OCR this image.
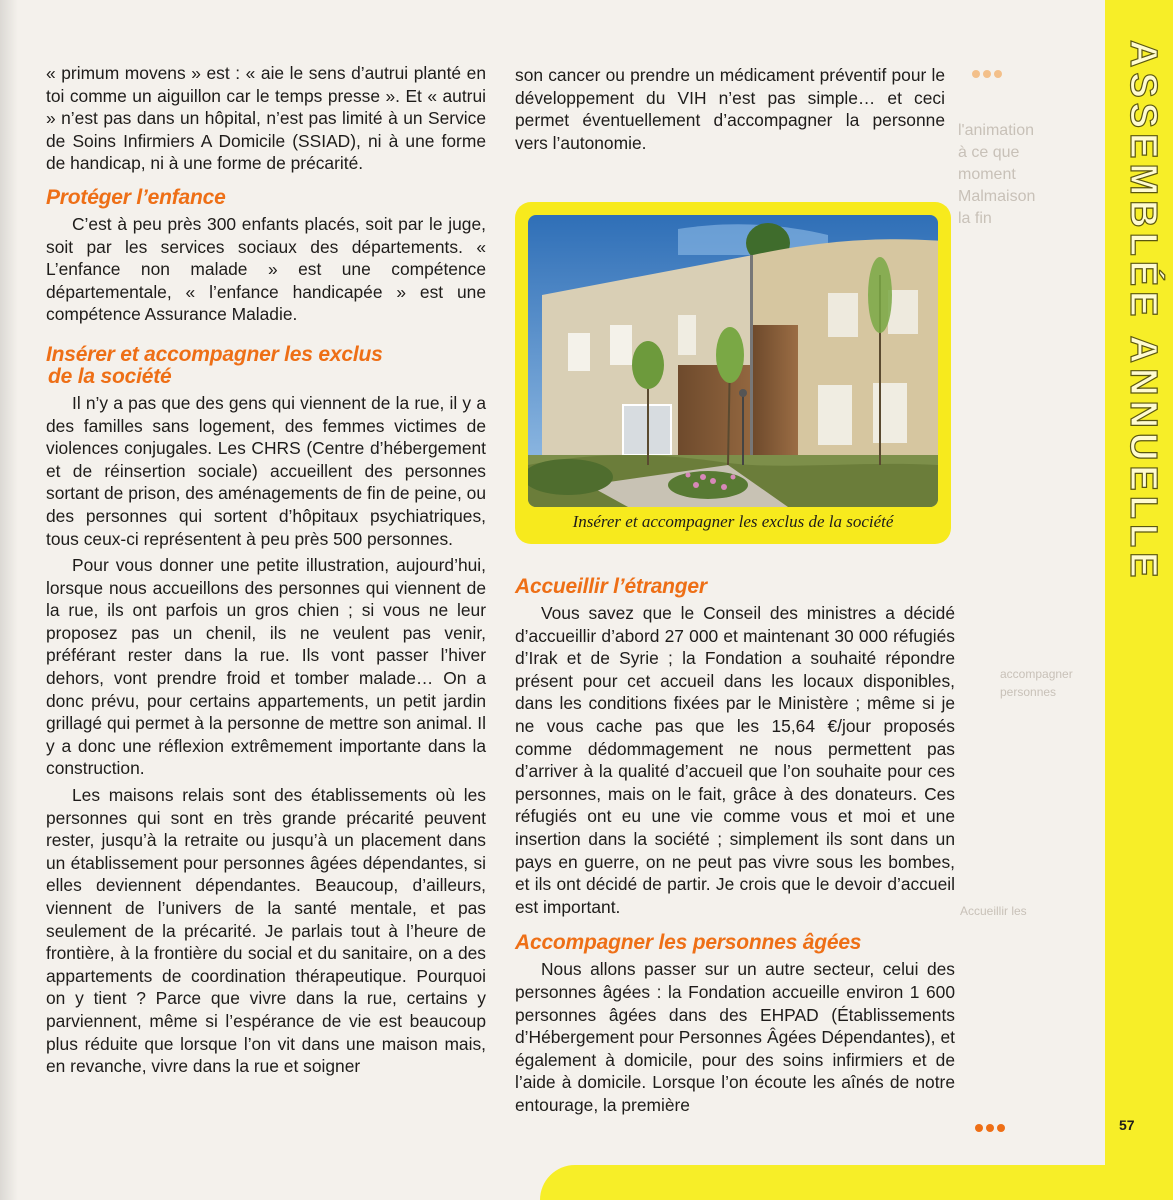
« primum movens » est : « aie le sens d’autrui planté en toi comme un aiguillon car le temps presse ». Et « autrui » n’est pas dans un hôpital, n’est pas limité à un Service de Soins Infirmiers A Domicile (SSIAD), ni à une forme de handicap, ni à une forme de précarité.

Protéger l’enfance

C’est à peu près 300 enfants placés, soit par le juge, soit par les services sociaux des départements. « L’enfance non malade » est une compétence départementale, « l’enfance handicapée » est une compétence Assurance Maladie.

Insérer et accompagner les exclus
de la société

Il n’y a pas que des gens qui viennent de la rue, il y a des familles sans logement, des femmes victimes de violences conjugales. Les CHRS (Centre d’hébergement et de réinsertion sociale) accueillent des personnes sortant de prison, des aménagements de fin de peine, ou des personnes qui sortent d’hôpitaux psychiatriques, tous ceux-ci représentent à peu près 500 personnes.

Pour vous donner une petite illustration, aujourd’hui, lorsque nous accueillons des personnes qui viennent de la rue, ils ont parfois un gros chien ; si vous ne leur proposez pas un chenil, ils ne veulent pas venir, préférant rester dans la rue. Ils vont passer l’hiver dehors, vont prendre froid et tomber malade… On a donc prévu, pour certains appartements, un petit jardin grillagé qui permet à la personne de mettre son animal. Il y a donc une réflexion extrêmement importante dans la construction.

Les maisons relais sont des établissements où les personnes qui sont en très grande précarité peuvent rester, jusqu’à la retraite ou jusqu’à un placement dans un établissement pour personnes âgées dépendantes, si elles deviennent dépendantes. Beaucoup, d’ailleurs, viennent de l’univers de la santé mentale, et pas seulement de la précarité. Je parlais tout à l’heure de frontière, à la frontière du social et du sanitaire, on a des appartements de coordination thérapeutique. Pourquoi on y tient ? Parce que vivre dans la rue, certains y parviennent, même si l’espérance de vie est beaucoup plus réduite que lorsque l’on vit dans une maison mais, en revanche, vivre dans la rue et soigner

son cancer ou prendre un médicament préventif pour le développement du VIH n’est pas simple… et ceci permet éventuellement d’accompagner la personne vers l’autonomie.

Insérer et accompagner les exclus de la société
Accueillir l’étranger

Vous savez que le Conseil des ministres a décidé d’accueillir d’abord 27 000 et maintenant 30 000 réfugiés d’Irak et de Syrie ; la Fondation a souhaité répondre présent pour cet accueil dans les locaux disponibles, dans les conditions fixées par le Ministère ; même si je ne vous cache pas que les 15,64 €/jour proposés comme dédommagement ne nous permettent pas d’arriver à la qualité d’accueil que l’on souhaite pour ces personnes, mais on le fait, grâce à des donateurs. Ces réfugiés ont eu une vie comme vous et moi et une insertion dans la société ; simplement ils sont dans un pays en guerre, on ne peut pas vivre sous les bombes, et ils ont décidé de partir. Je crois que le devoir d’accueil est important.

Accompagner les personnes âgées

Nous allons passer sur un autre secteur, celui des personnes âgées : la Fondation accueille environ 1 600 personnes âgées dans des EHPAD (Établissements d’Hébergement pour Personnes Âgées Dépendantes), et également à domicile, pour des soins infirmiers et de l’aide à domicile. Lorsque l’on écoute les aînés de notre entourage, la première

l'animation
à ce que
moment
Malmaison
la fin
accompagner
personnes
Accueillir les
ASSEMBLÉE ANNUELLE
57
